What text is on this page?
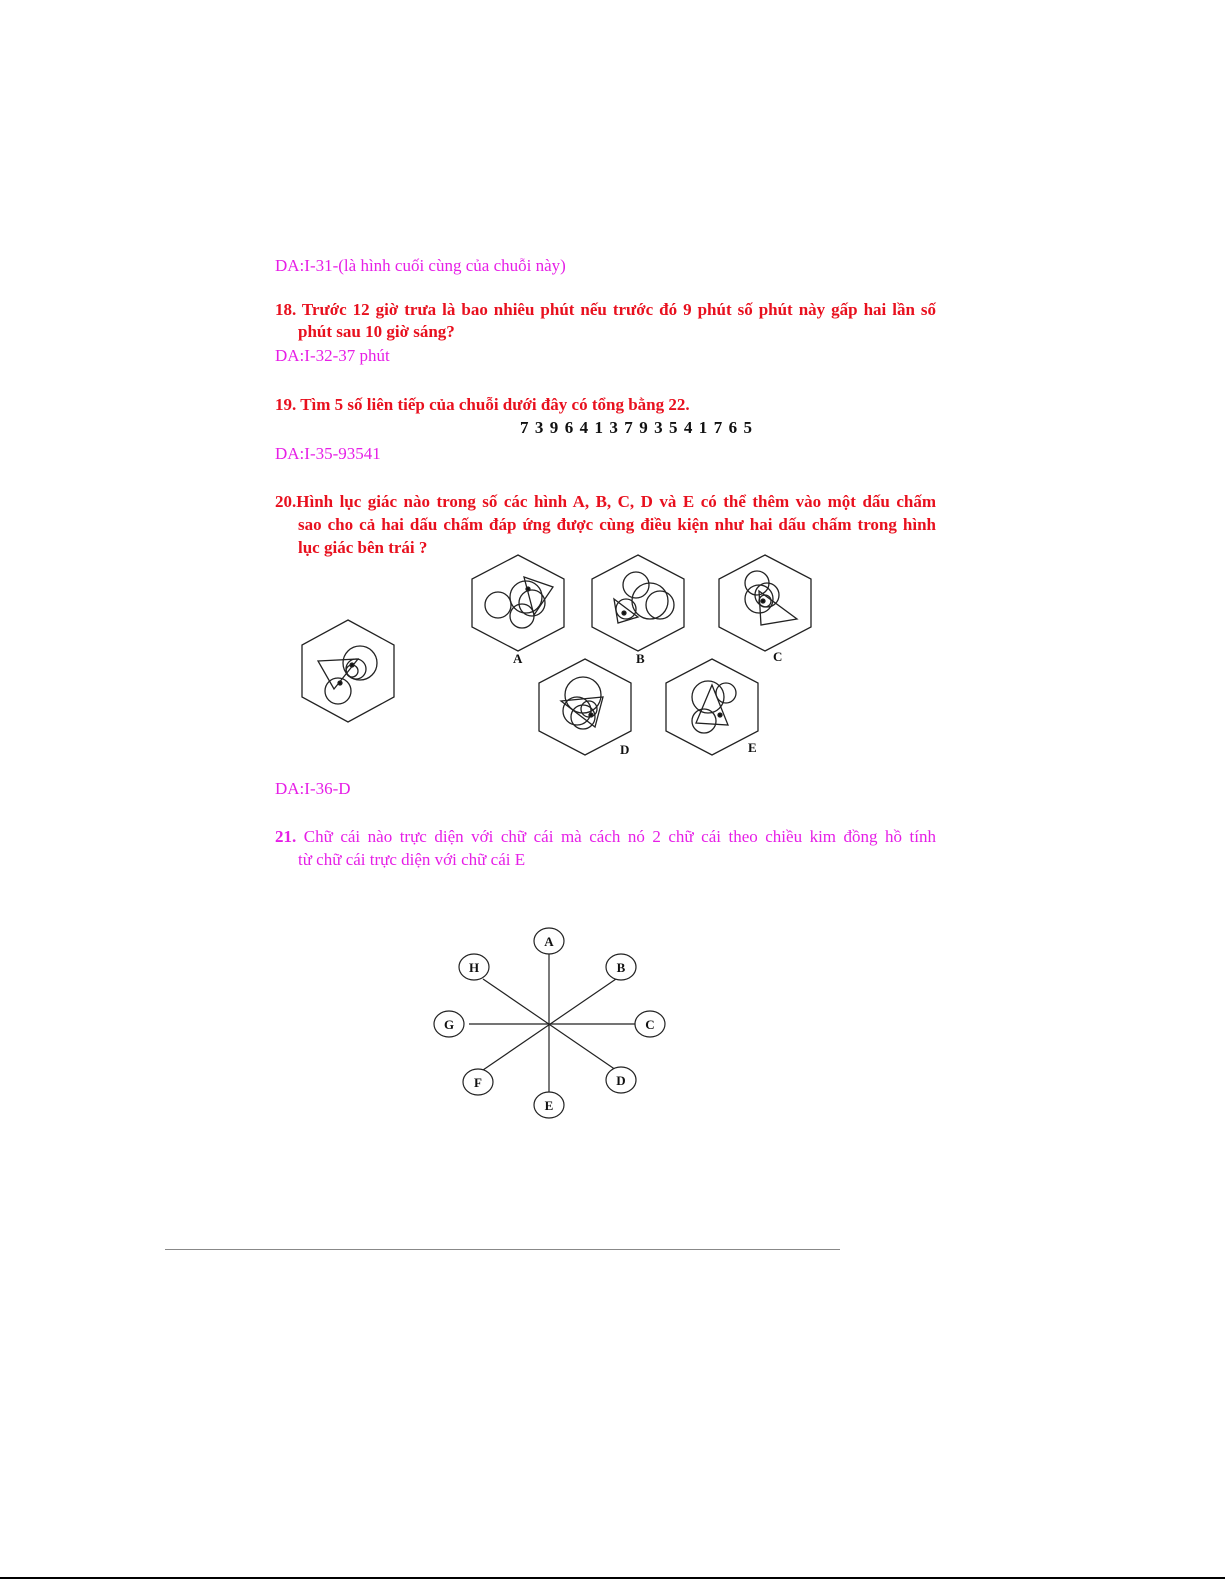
DA:I-31-(là hình cuối cùng của chuỗi này)
18. Trước 12 giờ trưa là bao nhiêu phút nếu trước đó 9 phút số phút này gấp hai lần số
phút sau 10 giờ sáng?
DA:I-32-37 phút
19. Tìm 5 số liên tiếp của chuỗi dưới đây có tổng bằng 22.
7396413793541765
DA:I-35-93541
20.Hình lục giác nào trong số các hình A, B, C, D và E có thể thêm vào một dấu chấm
sao cho cả hai dấu chấm đáp ứng được cùng điều kiện như hai dấu chấm trong hình
lục giác bên trái ?
A	B	C
D	E
DA:I-36-D
21. Chữ cái nào trực diện với chữ cái mà cách nó 2 chữ cái theo chiều kim đồng hồ tính
từ chữ cái trực diện với chữ cái E
A
B
C
D
E
F
G
H
